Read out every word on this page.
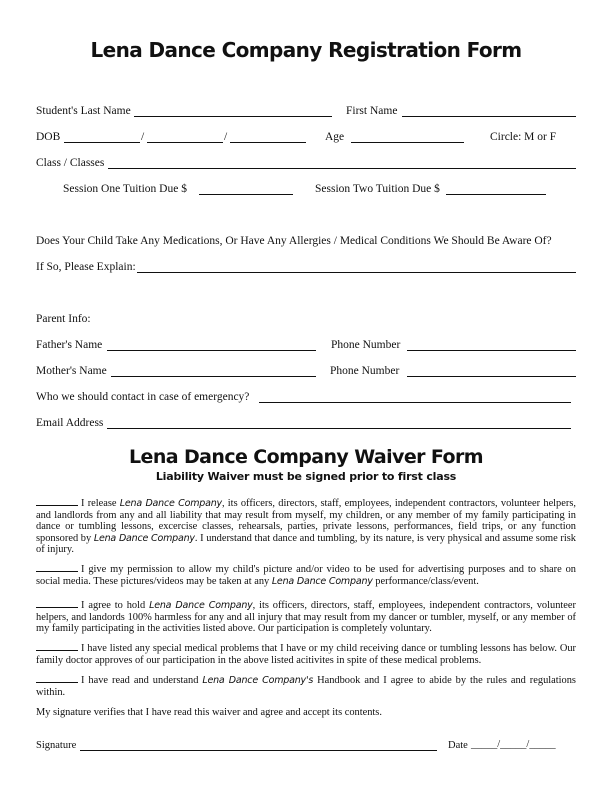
Lena Dance Company Registration Form
Student's Last Name	First Name
DOB	/	/	Age	Circle: M or F
Class / Classes
Session One Tuition Due $	Session Two Tuition Due $
Does Your Child Take Any Medications, Or Have Any Allergies / Medical Conditions We Should Be Aware Of?
If So, Please Explain:
Parent Info:
Father's Name	Phone Number
Mother's Name	Phone Number
Who we should contact in case of emergency?
Email Address
Lena Dance Company Waiver Form
Liability Waiver must be signed prior to first class
I release Lena Dance Company, its officers, directors, staff, employees, independent contractors, volunteer helpers, and landlords from any and all liability that may result from myself, my children, or any member of my family participating in dance or tumbling lessons, excercise classes, rehearsals, parties, private lessons, performances, field trips, or any function sponsored by Lena Dance Company. I understand that dance and tumbling, by its nature, is very physical and assume some risk of injury.
I give my permission to allow my child's picture and/or video to be used for advertising purposes and to share on social media. These pictures/videos may be taken at any Lena Dance Company performance/class/event.
I agree to hold Lena Dance Company, its officers, directors, staff, employees, independent contractors, volunteer helpers, and landords 100% harmless for any and all injury that may result from my dancer or tumbler, myself, or any member of my family participating in the activities listed above. Our participation is completely voluntary.
I have listed any special medical problems that I have or my child receiving dance or tumbling lessons has below. Our family doctor approves of our participation in the above listed acitivites in spite of these medical problems.
I have read and understand Lena Dance Company's Handbook and I agree to abide by the rules and regulations within.
My signature verifies that I have read this waiver and agree and accept its contents.
Signature	Date _____/_____/_____
